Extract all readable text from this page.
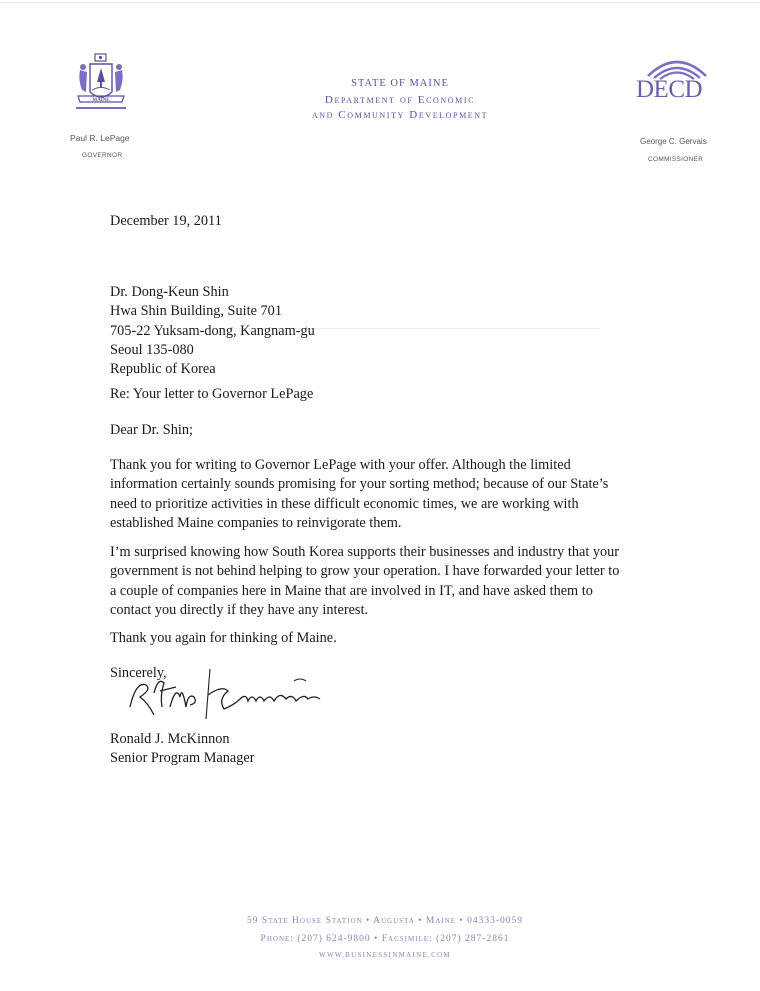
MAINE
Paul R. LePage
GOVERNOR
STATE OF MAINE
Department of Economic
and Community Development
DECD
George C. Gervais
COMMISSIONER
December 19, 2011
Dr. Dong-Keun Shin
Hwa Shin Building, Suite 701
705-22 Yuksam-dong, Kangnam-gu
Seoul 135-080
Republic of Korea
Re: Your letter to Governor LePage
Dear Dr. Shin;
Thank you for writing to Governor LePage with your offer. Although the limited
information certainly sounds promising for your sorting method; because of our State’s
need to prioritize activities in these difficult economic times, we are working with
established Maine companies to reinvigorate them.
I’m surprised knowing how South Korea supports their businesses and industry that your
government is not behind helping to grow your operation. I have forwarded your letter to
a couple of companies here in Maine that are involved in IT, and have asked them to
contact you directly if they have any interest.
Thank you again for thinking of Maine.
Sincerely,
Ronald J. McKinnon
Senior Program Manager
59 State House Station • Augusta • Maine • 04333-0059
Phone: (207) 624-9800 • Facsimile: (207) 287-2861
WWW.BUSINESSINMAINE.COM
